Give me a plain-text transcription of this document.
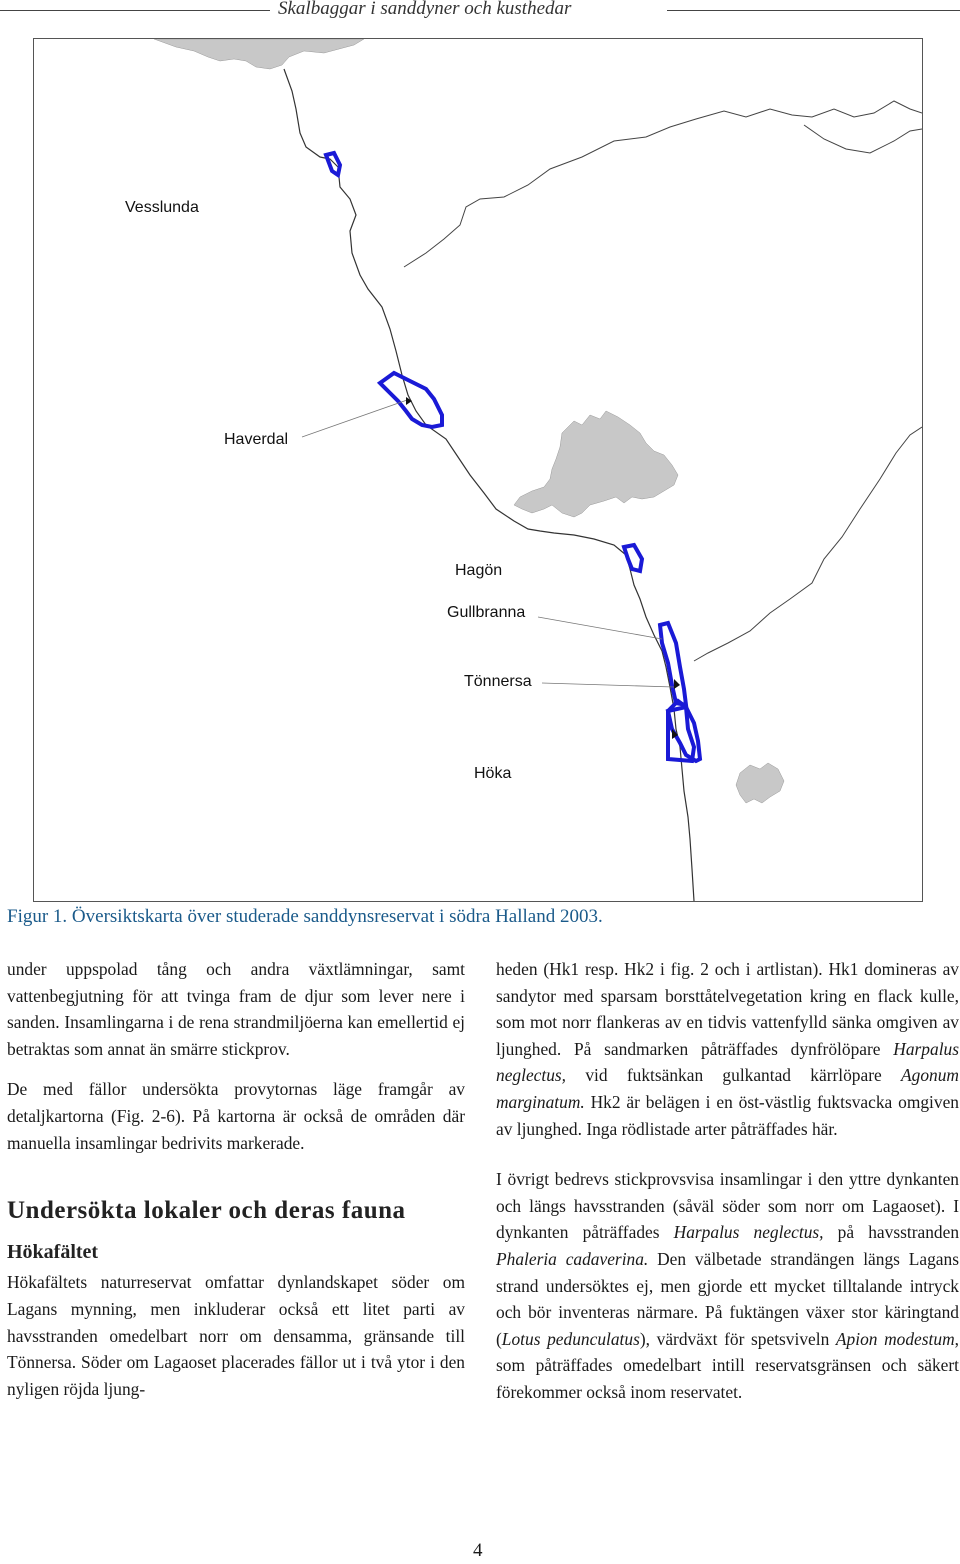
Skalbaggar i sanddyner och kusthedar
Vesslunda
Haverdal
Hagön
Gullbranna
Tönnersa
Höka
Figur 1. Översiktskarta över studerade sanddynsreservat i södra Halland 2003.

under uppspolad tång och andra växtlämningar, samt vattenbegjutning för att tvinga fram de djur som lever nere i sanden. Insamlingarna i de rena strandmiljöerna kan emellertid ej betraktas som annat än smärre stickprov.

De med fällor undersökta provytornas läge framgår av detaljkartorna (Fig. 2-6). På kartorna är också de områden där manuella insamlingar bedrivits markerade.

Undersökta lokaler och deras fauna
Hökafältet

Hökafältets naturreservat omfattar dynlandskapet söder om Lagans mynning, men inkluderar också ett litet parti av havsstranden omedelbart norr om densamma, gränsande till Tönnersa. Söder om Lagaoset placerades fällor ut i två ytor i den nyligen röjda ljung-

heden (Hk1 resp. Hk2 i fig. 2 och i artlistan). Hk1 domineras av sandytor med sparsam borsttåtelvegetation kring en flack kulle, som mot norr flankeras av en tidvis vattenfylld sänka omgiven av ljunghed. På sandmarken påträffades dynfrölöpare Harpalus neglectus, vid fuktsänkan gulkantad kärrlöpare Agonum marginatum. Hk2 är belägen i en öst-västlig fuktsvacka omgiven av ljunghed. Inga rödlistade arter påträffades här.

I övrigt bedrevs stickprovsvisa insamlingar i den yttre dynkanten och längs havsstranden (såväl söder som norr om Lagaoset). I dynkanten påträffades Harpalus neglectus, på havsstranden Phaleria cadaverina. Den välbetade strandängen längs Lagans strand undersöktes ej, men gjorde ett mycket tilltalande intryck och bör inventeras närmare. På fuktängen växer stor käringtand (Lotus pedunculatus), värdväxt för spetsviveln Apion modestum, som påträffades omedelbart intill reservatsgränsen och säkert förekommer också inom reservatet.

4
